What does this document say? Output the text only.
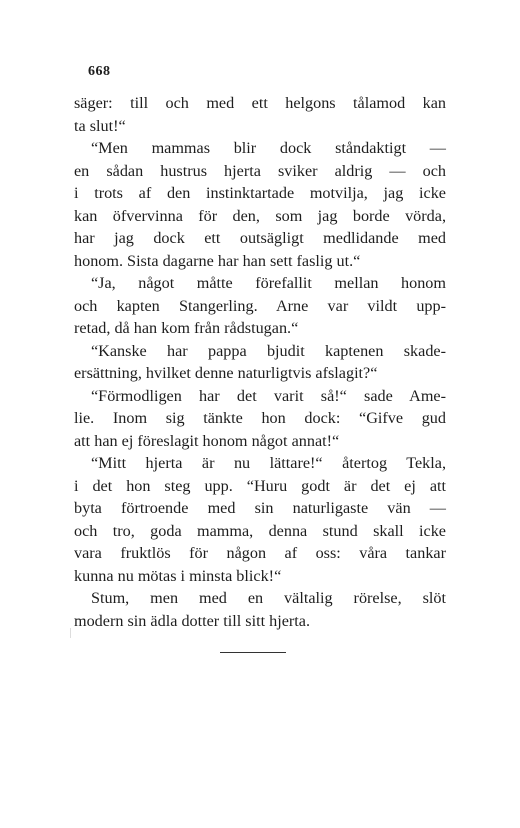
668
säger: till och med ett helgons tålamod kan
ta slut!“
“Men mammas blir dock ståndaktigt —
en sådan hustrus hjerta sviker aldrig — och
i trots af den instinktartade motvilja, jag icke
kan öfvervinna för den, som jag borde vörda,
har jag dock ett outsägligt medlidande med
honom. Sista dagarne har han sett faslig ut.“
“Ja, något måtte förefallit mellan honom
och kapten Stangerling. Arne var vildt upp-
retad, då han kom från rådstugan.“
“Kanske har pappa bjudit kaptenen skade-
ersättning, hvilket denne naturligtvis afslagit?“
“Förmodligen har det varit så!“ sade Ame-
lie. Inom sig tänkte hon dock: “Gifve gud
att han ej föreslagit honom något annat!“
“Mitt hjerta är nu lättare!“ återtog Tekla,
i det hon steg upp. “Huru godt är det ej att
byta förtroende med sin naturligaste vän —
och tro, goda mamma, denna stund skall icke
vara fruktlös för någon af oss: våra tankar
kunna nu mötas i minsta blick!“
Stum, men med en vältalig rörelse, slöt
modern sin ädla dotter till sitt hjerta.
